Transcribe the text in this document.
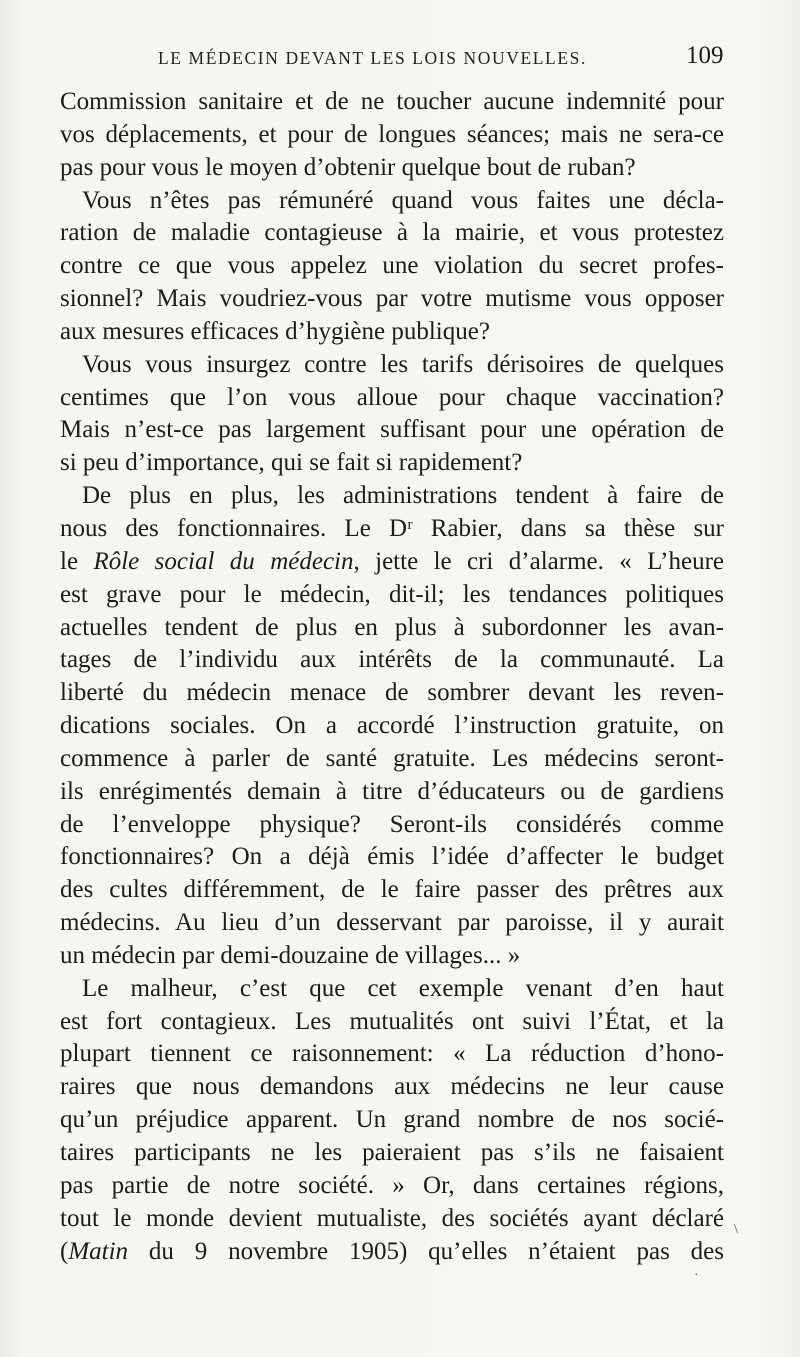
LE MÉDECIN DEVANT LES LOIS NOUVELLES.	109
Commission sanitaire et de ne toucher aucune indemnité pour
vos déplacements, et pour de longues séances; mais ne sera-ce
pas pour vous le moyen d’obtenir quelque bout de ruban?
Vous n’êtes pas rémunéré quand vous faites une décla-
ration de maladie contagieuse à la mairie, et vous protestez
contre ce que vous appelez une violation du secret profes-
sionnel? Mais voudriez-vous par votre mutisme vous opposer
aux mesures efficaces d’hygiène publique?
Vous vous insurgez contre les tarifs dérisoires de quelques
centimes que l’on vous alloue pour chaque vaccination?
Mais n’est-ce pas largement suffisant pour une opération de
si peu d’importance, qui se fait si rapidement?
De plus en plus, les administrations tendent à faire de
nous des fonctionnaires. Le Dʳ Rabier, dans sa thèse sur
le Rôle social du médecin, jette le cri d’alarme. « L’heure
est grave pour le médecin, dit-il; les tendances politiques
actuelles tendent de plus en plus à subordonner les avan-
tages de l’individu aux intérêts de la communauté. La
liberté du médecin menace de sombrer devant les reven-
dications sociales. On a accordé l’instruction gratuite, on
commence à parler de santé gratuite. Les médecins seront-
ils enrégimentés demain à titre d’éducateurs ou de gardiens
de l’enveloppe physique? Seront-ils considérés comme
fonctionnaires? On a déjà émis l’idée d’affecter le budget
des cultes différemment, de le faire passer des prêtres aux
médecins. Au lieu d’un desservant par paroisse, il y aurait
un médecin par demi-douzaine de villages... »
Le malheur, c’est que cet exemple venant d’en haut
est fort contagieux. Les mutualités ont suivi l’État, et la
plupart tiennent ce raisonnement: « La réduction d’hono-
raires que nous demandons aux médecins ne leur cause
qu’un préjudice apparent. Un grand nombre de nos socié-
taires participants ne les paieraient pas s’ils ne faisaient
pas partie de notre société. » Or, dans certaines régions,
tout le monde devient mutualiste, des sociétés ayant déclaré
(Matin du 9 novembre 1905) qu’elles n’étaient pas des
\
·
